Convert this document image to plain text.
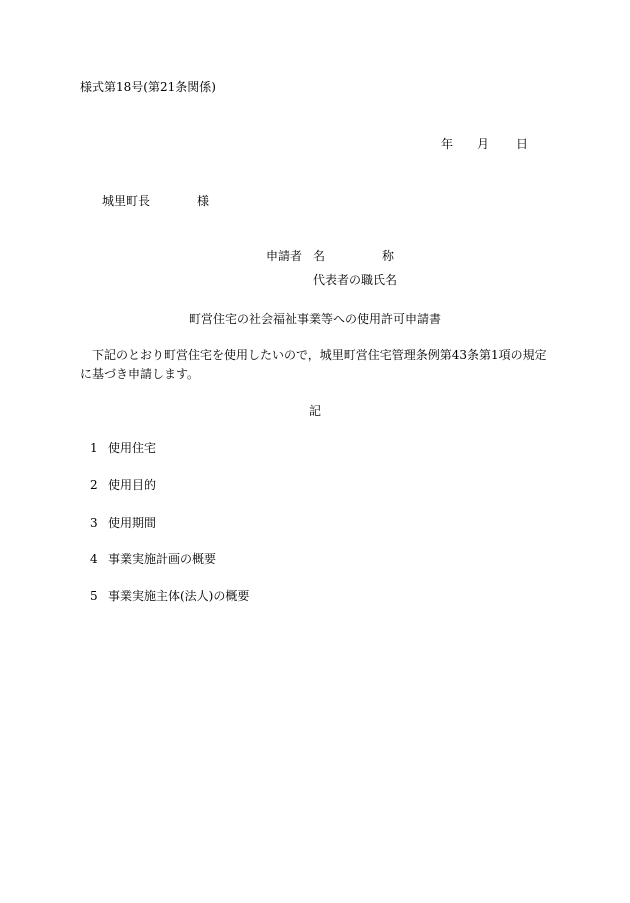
様式第18号(第21条関係)
年 月 日
城里町長	様
申請者 名	称
代表者の職氏名
町営住宅の社会福祉事業等への使用許可申請書
下記のとおり町営住宅を使用したいので，城里町営住宅管理条例第43条第1項の規定に基づき申請します。
記
1 使用住宅
2 使用目的
3 使用期間
4 事業実施計画の概要
5 事業実施主体(法人)の概要
